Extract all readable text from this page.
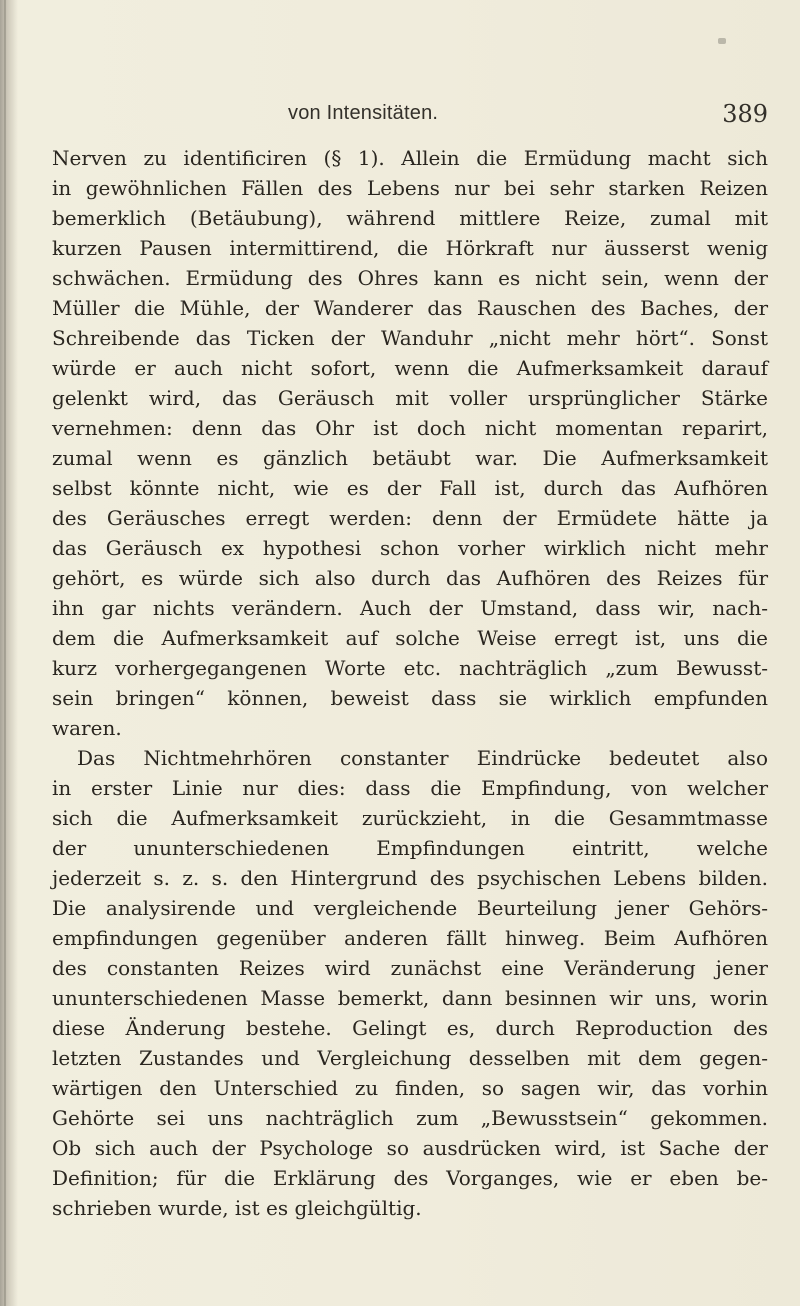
von Intensitäten.	389
Nerven zu identificiren (§ 1). Allein die Ermüdung macht sich
in gewöhnlichen Fällen des Lebens nur bei sehr starken Reizen
bemerklich (Betäubung), während mittlere Reize, zumal mit
kurzen Pausen intermittirend, die Hörkraft nur äusserst wenig
schwächen. Ermüdung des Ohres kann es nicht sein, wenn der
Müller die Mühle, der Wanderer das Rauschen des Baches, der
Schreibende das Ticken der Wanduhr „nicht mehr hört“. Sonst
würde er auch nicht sofort, wenn die Aufmerksamkeit darauf
gelenkt wird, das Geräusch mit voller ursprünglicher Stärke
vernehmen: denn das Ohr ist doch nicht momentan reparirt,
zumal wenn es gänzlich betäubt war. Die Aufmerksamkeit
selbst könnte nicht, wie es der Fall ist, durch das Aufhören
des Geräusches erregt werden: denn der Ermüdete hätte ja
das Geräusch ex hypothesi schon vorher wirklich nicht mehr
gehört, es würde sich also durch das Aufhören des Reizes für
ihn gar nichts verändern. Auch der Umstand, dass wir, nach-
dem die Aufmerksamkeit auf solche Weise erregt ist, uns die
kurz vorhergegangenen Worte etc. nachträglich „zum Bewusst-
sein bringen“ können, beweist dass sie wirklich empfunden
waren.
Das Nichtmehrhören constanter Eindrücke bedeutet also
in erster Linie nur dies: dass die Empfindung, von welcher
sich die Aufmerksamkeit zurückzieht, in die Gesammtmasse
der ununterschiedenen Empfindungen eintritt, welche
jederzeit s. z. s. den Hintergrund des psychischen Lebens bilden.
Die analysirende und vergleichende Beurteilung jener Gehörs-
empfindungen gegenüber anderen fällt hinweg. Beim Aufhören
des constanten Reizes wird zunächst eine Veränderung jener
ununterschiedenen Masse bemerkt, dann besinnen wir uns, worin
diese Änderung bestehe. Gelingt es, durch Reproduction des
letzten Zustandes und Vergleichung desselben mit dem gegen-
wärtigen den Unterschied zu finden, so sagen wir, das vorhin
Gehörte sei uns nachträglich zum „Bewusstsein“ gekommen.
Ob sich auch der Psychologe so ausdrücken wird, ist Sache der
Definition; für die Erklärung des Vorganges, wie er eben be-
schrieben wurde, ist es gleichgültig.
